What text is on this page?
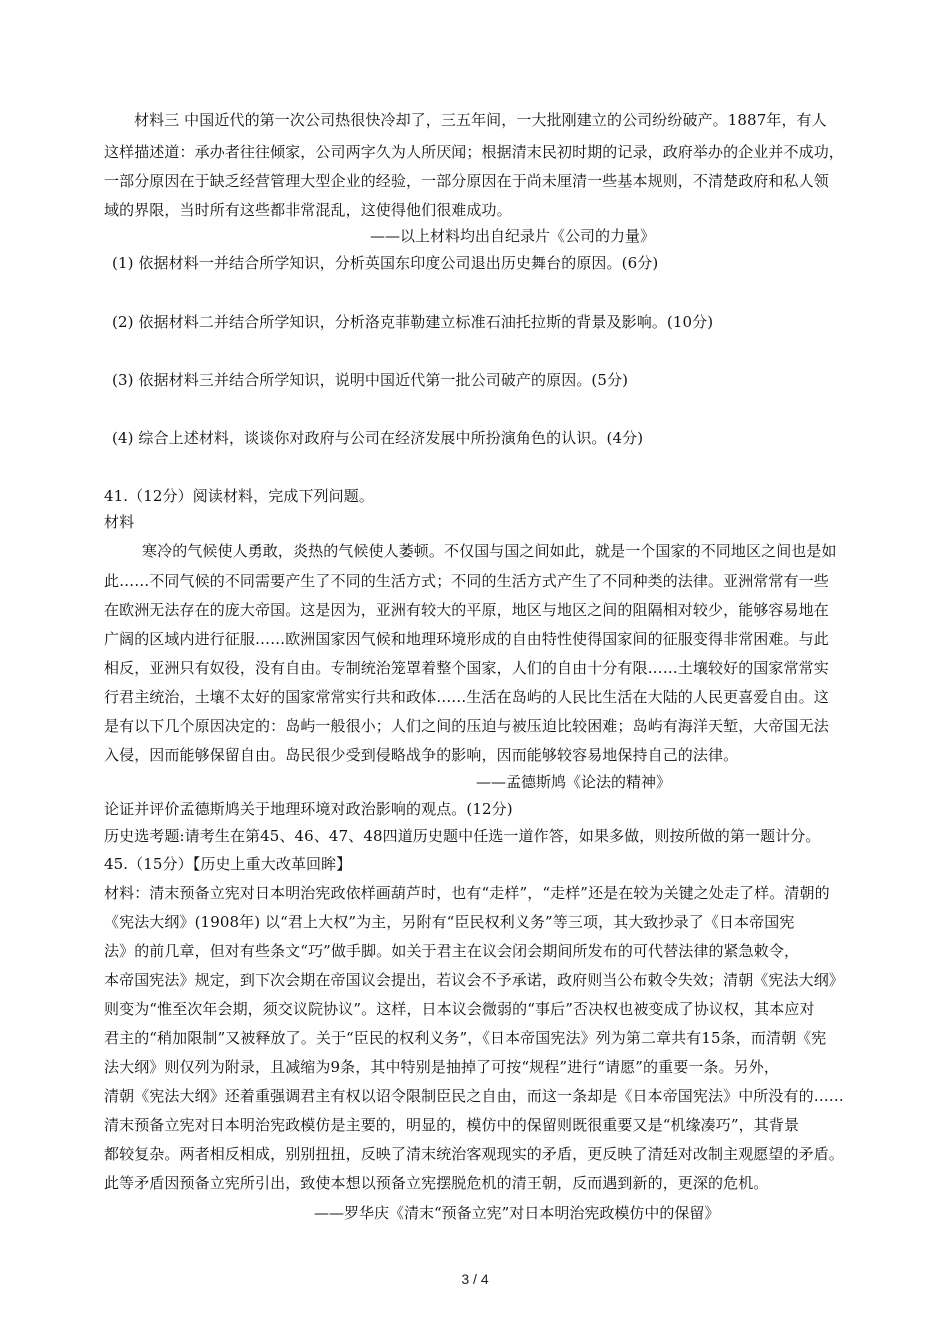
材料三 中国近代的第一次公司热很快冷却了，三五年间，一大批刚建立的公司纷纷破产。1887年，有人
这样描述道：承办者往往倾家，公司两字久为人所厌闻；根据清末民初时期的记录，政府举办的企业并不成功，
一部分原因在于缺乏经营管理大型企业的经验，一部分原因在于尚未厘清一些基本规则，不清楚政府和私人领
域的界限，当时所有这些都非常混乱，这使得他们很难成功。
——以上材料均出自纪录片《公司的力量》
(1) 依据材料一并结合所学知识，分析英国东印度公司退出历史舞台的原因。(6分)
(2) 依据材料二并结合所学知识，分析洛克菲勒建立标准石油托拉斯的背景及影响。(10分)
(3) 依据材料三并结合所学知识，说明中国近代第一批公司破产的原因。(5分)
(4) 综合上述材料，谈谈你对政府与公司在经济发展中所扮演角色的认识。(4分)
41.（12分）阅读材料，完成下列问题。
材料
寒冷的气候使人勇敢，炎热的气候使人萎顿。不仅国与国之间如此，就是一个国家的不同地区之间也是如
此……不同气候的不同需要产生了不同的生活方式；不同的生活方式产生了不同种类的法律。亚洲常常有一些
在欧洲无法存在的庞大帝国。这是因为，亚洲有较大的平原，地区与地区之间的阻隔相对较少，能够容易地在
广阔的区域内进行征服……欧洲国家因气候和地理环境形成的自由特性使得国家间的征服变得非常困难。与此
相反，亚洲只有奴役，没有自由。专制统治笼罩着整个国家，人们的自由十分有限……土壤较好的国家常常实
行君主统治，土壤不太好的国家常常实行共和政体……生活在岛屿的人民比生活在大陆的人民更喜爱自由。这
是有以下几个原因决定的：岛屿一般很小；人们之间的压迫与被压迫比较困难；岛屿有海洋天堑，大帝国无法
入侵，因而能够保留自由。岛民很少受到侵略战争的影响，因而能够较容易地保持自己的法律。
——孟德斯鸠《论法的精神》
论证并评价孟德斯鸠关于地理环境对政治影响的观点。(12分)
历史选考题:请考生在第45、46、47、48四道历史题中任选一道作答，如果多做，则按所做的第一题计分。
45.（15分）【历史上重大改革回眸】
材料：清末预备立宪对日本明治宪政依样画葫芦时，也有“走样”，“走样”还是在较为关键之处走了样。清朝的
《宪法大纲》(1908年) 以“君上大权”为主，另附有“臣民权利义务”等三项，其大致抄录了《日本帝国宪
法》的前几章，但对有些条文“巧”做手脚。如关于君主在议会闭会期间所发布的可代替法律的紧急敕令，
本帝国宪法》规定，到下次会期在帝国议会提出，若议会不予承诺，政府则当公布敕令失效；清朝《宪法大纲》
则变为“惟至次年会期，须交议院协议”。这样，日本议会微弱的“事后”否决权也被变成了协议权，其本应对
君主的“稍加限制”又被释放了。关于“臣民的权利义务”，《日本帝国宪法》列为第二章共有15条，而清朝《宪
法大纲》则仅列为附录，且减缩为9条，其中特别是抽掉了可按“规程”进行“请愿”的重要一条。另外，
清朝《宪法大纲》还着重强调君主有权以诏令限制臣民之自由，而这一条却是《日本帝国宪法》中所没有的……
清末预备立宪对日本明治宪政模仿是主要的，明显的，模仿中的保留则既很重要又是“机缘凑巧”，其背景
都较复杂。两者相反相成，别别扭扭，反映了清末统治客观现实的矛盾，更反映了清廷对改制主观愿望的矛盾。
此等矛盾因预备立宪所引出，致使本想以预备立宪摆脱危机的清王朝，反而遇到新的，更深的危机。
——罗华庆《清末“预备立宪”对日本明治宪政模仿中的保留》
3 / 4
